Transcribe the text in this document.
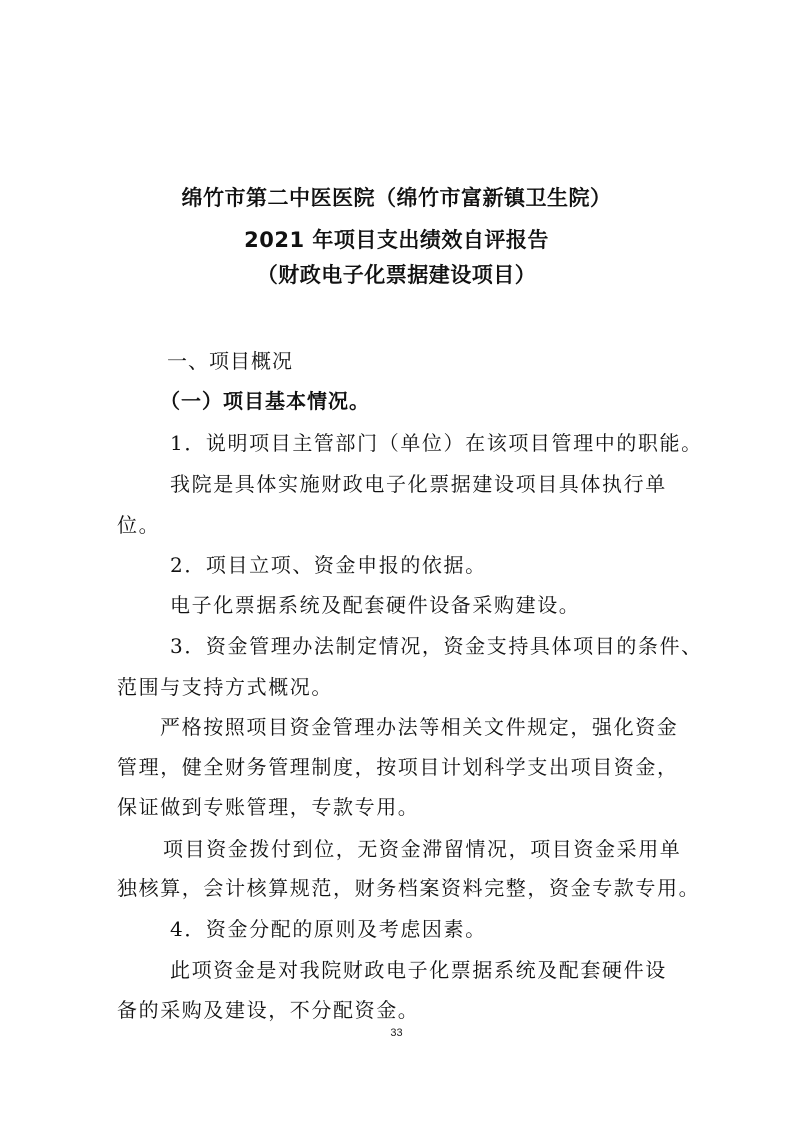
绵竹市第二中医医院（绵竹市富新镇卫生院）
2021 年项目支出绩效自评报告
（财政电子化票据建设项目）
一、项目概况
（一）项目基本情况。
1．说明项目主管部门（单位）在该项目管理中的职能。
我院是具体实施财政电子化票据建设项目具体执行单
位。
2．项目立项、资金申报的依据。
电子化票据系统及配套硬件设备采购建设。
3．资金管理办法制定情况，资金支持具体项目的条件、
范围与支持方式概况。
严格按照项目资金管理办法等相关文件规定，强化资金
管理，健全财务管理制度，按项目计划科学支出项目资金，
保证做到专账管理，专款专用。
项目资金拨付到位，无资金滞留情况，项目资金采用单
独核算，会计核算规范，财务档案资料完整，资金专款专用。
4．资金分配的原则及考虑因素。
此项资金是对我院财政电子化票据系统及配套硬件设
备的采购及建设，不分配资金。
33
